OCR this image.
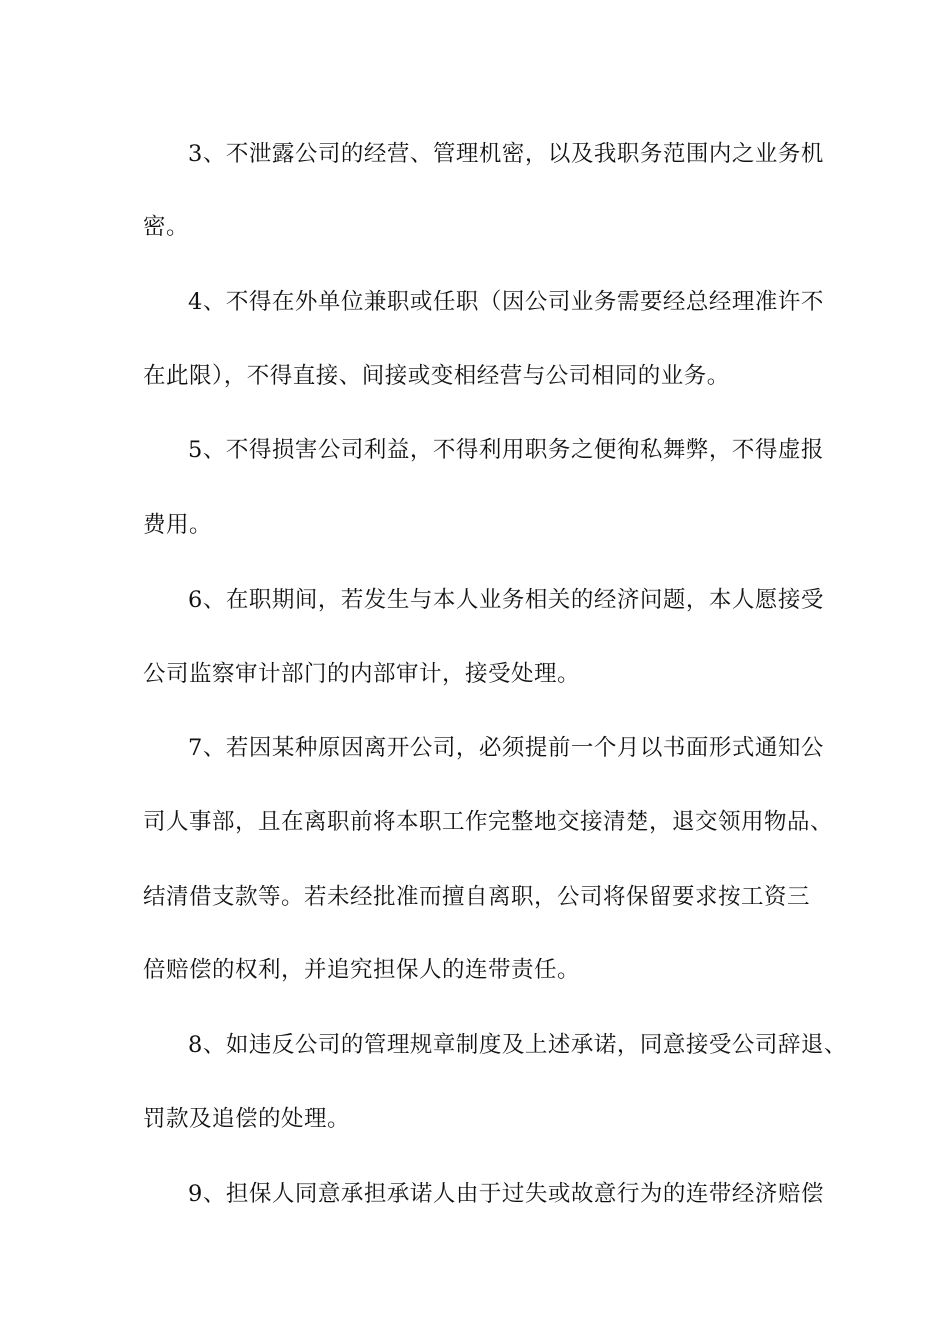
3、不泄露公司的经营、管理机密，以及我职务范围内之业务机
密。
4、不得在外单位兼职或任职（因公司业务需要经总经理准许不
在此限），不得直接、间接或变相经营与公司相同的业务。
5、不得损害公司利益，不得利用职务之便徇私舞弊，不得虚报
费用。
6、在职期间，若发生与本人业务相关的经济问题，本人愿接受
公司监察审计部门的内部审计，接受处理。
7、若因某种原因离开公司，必须提前一个月以书面形式通知公
司人事部，且在离职前将本职工作完整地交接清楚，退交领用物品、
结清借支款等。若未经批准而擅自离职，公司将保留要求按工资三
倍赔偿的权利，并追究担保人的连带责任。
8、如违反公司的管理规章制度及上述承诺，同意接受公司辞退、
罚款及追偿的处理。
9、担保人同意承担承诺人由于过失或故意行为的连带经济赔偿
